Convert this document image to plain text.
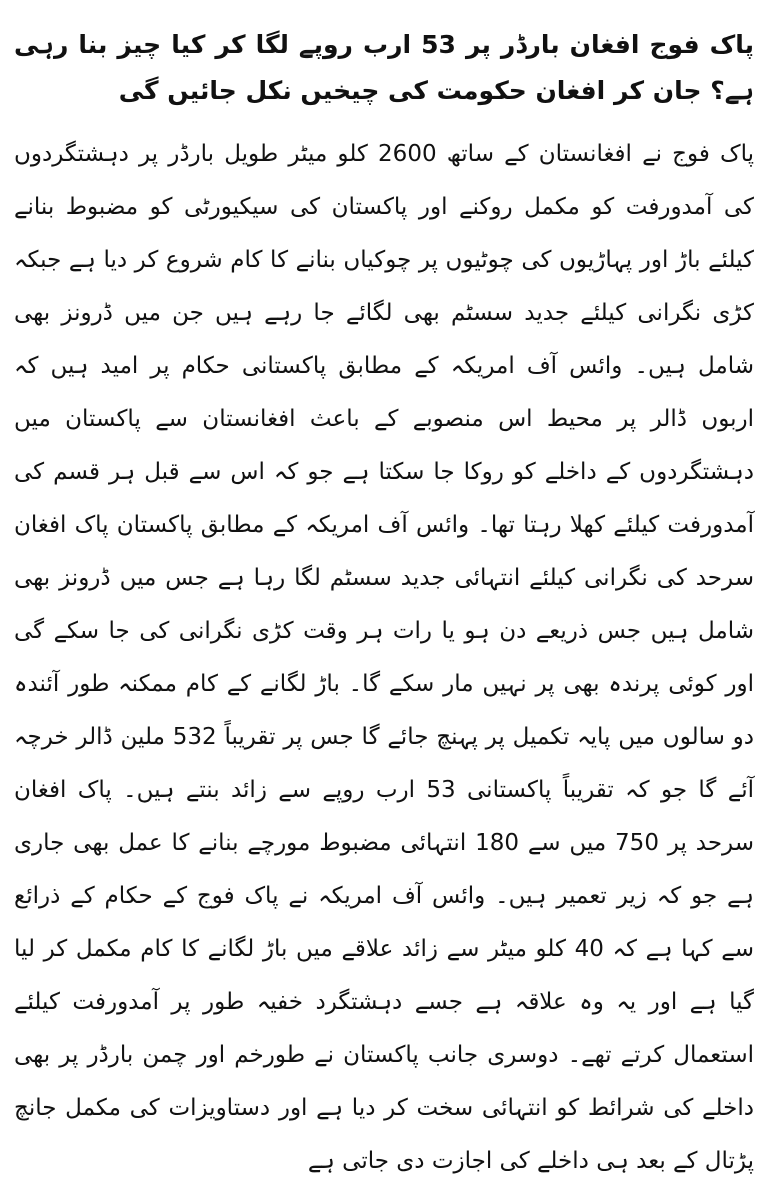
پاک فوج افغان بارڈر پر 53 ارب روپے لگا کر کیا چیز بنا رہی ہے؟ جان کر افغان حکومت کی چیخیں نکل جائیں گی

پاک فوج نے افغانستان کے ساتھ 2600 کلو میٹر طویل بارڈر پر دہشتگردوں کی آمدورفت کو مکمل روکنے اور پاکستان کی سیکیورٹی کو مضبوط بنانے کیلئے باڑ اور پہاڑیوں کی چوٹیوں پر چوکیاں بنانے کا کام شروع کر دیا ہے جبکہ کڑی نگرانی کیلئے جدید سسٹم بھی لگائے جا رہے ہیں جن میں ڈرونز بھی شامل ہیں۔ وائس آف امریکہ کے مطابق پاکستانی حکام پر امید ہیں کہ اربوں ڈالر پر محیط اس منصوبے کے باعث افغانستان سے پاکستان میں دہشتگردوں کے داخلے کو روکا جا سکتا ہے جو کہ اس سے قبل ہر قسم کی آمدورفت کیلئے کھلا رہتا تھا۔ وائس آف امریکہ کے مطابق پاکستان پاک افغان سرحد کی نگرانی کیلئے انتہائی جدید سسٹم لگا رہا ہے جس میں ڈرونز بھی شامل ہیں جس ذریعے دن ہو یا رات ہر وقت کڑی نگرانی کی جا سکے گی اور کوئی پرندہ بھی پر نہیں مار سکے گا۔ باڑ لگانے کے کام ممکنہ طور آئندہ دو سالوں میں پایہ تکمیل پر پہنچ جائے گا جس پر تقریباً 532 ملین ڈالر خرچہ آئے گا جو کہ تقریباً پاکستانی 53 ارب روپے سے زائد بنتے ہیں۔ پاک افغان سرحد پر 750 میں سے 180 انتہائی مضبوط مورچے بنانے کا عمل بھی جاری ہے جو کہ زیر تعمیر ہیں۔ وائس آف امریکہ نے پاک فوج کے حکام کے ذرائع سے کہا ہے کہ 40 کلو میٹر سے زائد علاقے میں باڑ لگانے کا کام مکمل کر لیا گیا ہے اور یہ وہ علاقہ ہے جسے دہشتگرد خفیہ طور پر آمدورفت کیلئے استعمال کرتے تھے۔ دوسری جانب پاکستان نے طورخم اور چمن بارڈر پر بھی داخلے کی شرائط کو انتہائی سخت کر دیا ہے اور دستاویزات کی مکمل جانچ پڑتال کے بعد ہی داخلے کی اجازت دی جاتی ہے
